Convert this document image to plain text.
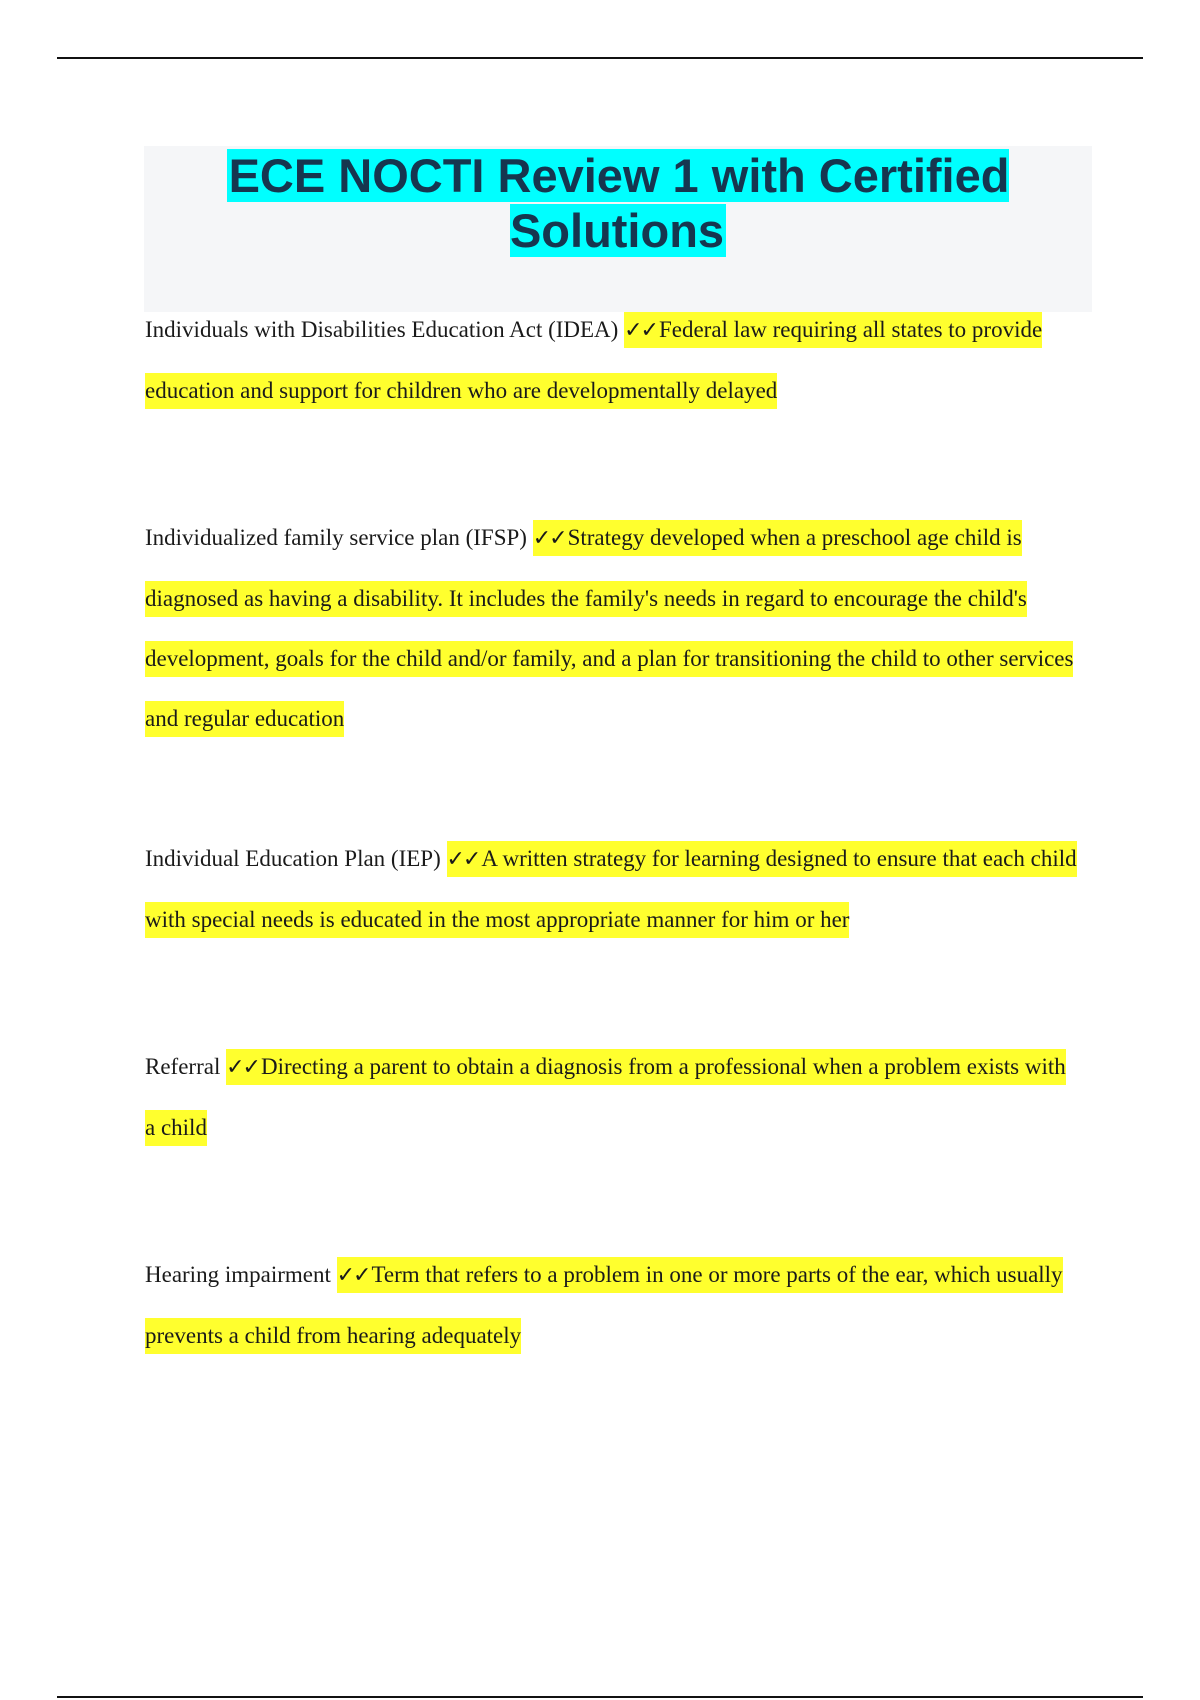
ECE NOCTI Review 1 with Certified Solutions

Individuals with Disabilities Education Act (IDEA) ✓✓Federal law requiring all states to provide education and support for children who are developmentally delayed

Individualized family service plan (IFSP) ✓✓Strategy developed when a preschool age child is diagnosed as having a disability. It includes the family's needs in regard to encourage the child's development, goals for the child and/or family, and a plan for transitioning the child to other services and regular education

Individual Education Plan (IEP) ✓✓A written strategy for learning designed to ensure that each child with special needs is educated in the most appropriate manner for him or her

Referral ✓✓Directing a parent to obtain a diagnosis from a professional when a problem exists with a child

Hearing impairment ✓✓Term that refers to a problem in one or more parts of the ear, which usually prevents a child from hearing adequately
